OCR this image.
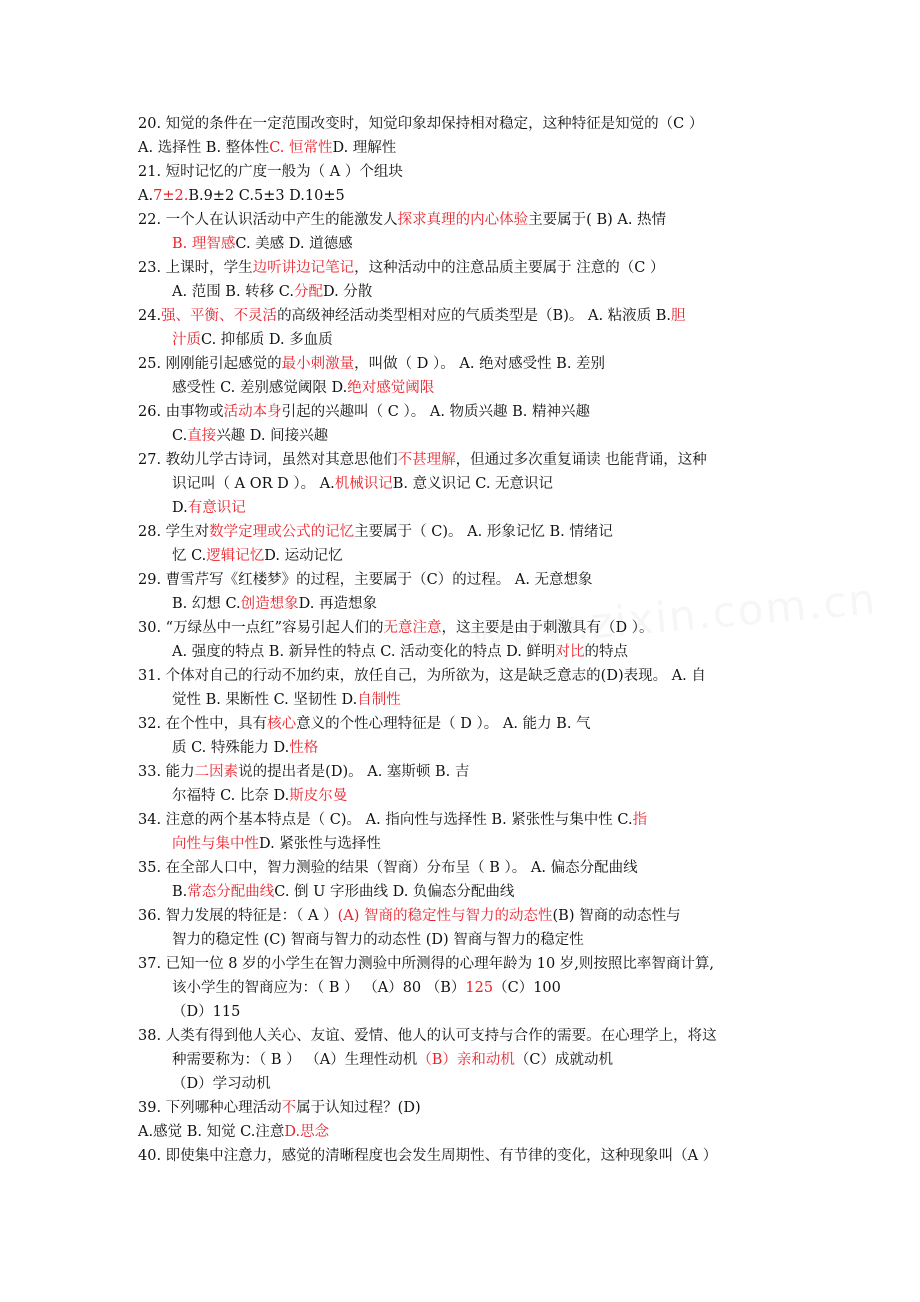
20. 知觉的条件在一定范围改变时，知觉印象却保持相对稳定，这种特征是知觉的（C ）
A. 选择性 B. 整体性C. 恒常性D. 理解性
21. 短时记忆的广度一般为（ A ）个组块
A.7±2.B.9±2 C.5±3 D.10±5
22. 一个人在认识活动中产生的能激发人探求真理的内心体验主要属于( B) A. 热情
B. 理智感C. 美感 D. 道德感
23. 上课时，学生边听讲边记笔记，这种活动中的注意品质主要属于 注意的（C ）
A. 范围 B. 转移 C.分配D. 分散
24.强、平衡、不灵活的高级神经活动类型相对应的气质类型是（B)。 A. 粘液质 B.胆
汁质C. 抑郁质 D. 多血质
25. 刚刚能引起感觉的最小刺激量，叫做（ D ）。 A. 绝对感受性 B. 差别
感受性 C. 差别感觉阈限 D.绝对感觉阈限
26. 由事物或活动本身引起的兴趣叫（ C ）。 A. 物质兴趣 B. 精神兴趣
C.直接兴趣 D. 间接兴趣
27. 教幼儿学古诗词，虽然对其意思他们不甚理解，但通过多次重复诵读 也能背诵，这种
识记叫（ A OR D ）。 A.机械识记B. 意义识记 C. 无意识记
D.有意识记
28. 学生对数学定理或公式的记忆主要属于（ C)。 A. 形象记忆 B. 情绪记
忆 C.逻辑记忆D. 运动记忆
29. 曹雪芹写《红楼梦》的过程，主要属于（C）的过程。 A. 无意想象
B. 幻想 C.创造想象D. 再造想象
30. “万绿丛中一点红”容易引起人们的无意注意，这主要是由于刺激具有（D ）。
A. 强度的特点 B. 新异性的特点 C. 活动变化的特点 D. 鲜明对比的特点
31. 个体对自己的行动不加约束，放任自己，为所欲为，这是缺乏意志的(D)表现。 A. 自
觉性 B. 果断性 C. 坚韧性 D.自制性
32. 在个性中，具有核心意义的个性心理特征是（ D ）。 A. 能力 B. 气
质 C. 特殊能力 D.性格
33. 能力二因素说的提出者是(D)。 A. 塞斯顿 B. 吉
尔福特 C. 比奈 D.斯皮尔曼
34. 注意的两个基本特点是（ C)。 A. 指向性与选择性 B. 紧张性与集中性 C.指
向性与集中性D. 紧张性与选择性
35. 在全部人口中，智力测验的结果（智商）分布呈（ B ）。 A. 偏态分配曲线
B.常态分配曲线C. 倒 U 字形曲线 D. 负偏态分配曲线
36. 智力发展的特征是：（ A ）(A) 智商的稳定性与智力的动态性(B) 智商的动态性与
智力的稳定性 (C) 智商与智力的动态性 (D) 智商与智力的稳定性
37. 已知一位 8 岁的小学生在智力测验中所测得的心理年龄为 10 岁,则按照比率智商计算,
该小学生的智商应为：（ B ） （A）80 （B）125（C）100
（D）115
38. 人类有得到他人关心、友谊、爱情、他人的认可支持与合作的需要。在心理学上，将这
种需要称为：（ B ） （A）生理性动机（B）亲和动机（C）成就动机
（D）学习动机
39. 下列哪种心理活动不属于认知过程？(D)
A.感觉 B. 知觉 C.注意D.思念
40. 即使集中注意力，感觉的清晰程度也会发生周期性、有节律的变化，这种现象叫（A ）
